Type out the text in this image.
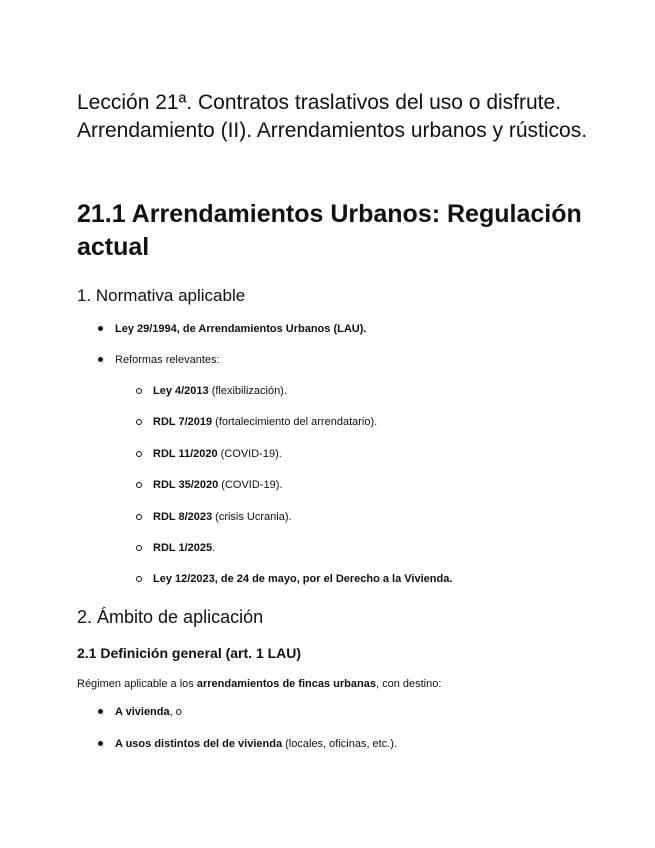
Lección 21ª. Contratos traslativos del uso o disfrute. Arrendamiento (II). Arrendamientos urbanos y rústicos.
21.1 Arrendamientos Urbanos: Regulación actual
1. Normativa aplicable
Ley 29/1994, de Arrendamientos Urbanos (LAU).
Reformas relevantes:
Ley 4/2013 (flexibilización).
RDL 7/2019 (fortalecimiento del arrendatario).
RDL 11/2020 (COVID-19).
RDL 35/2020 (COVID-19).
RDL 8/2023 (crisis Ucrania).
RDL 1/2025.
Ley 12/2023, de 24 de mayo, por el Derecho a la Vivienda.
2. Ámbito de aplicación
2.1 Definición general (art. 1 LAU)

Régimen aplicable a los arrendamientos de fincas urbanas, con destino:

A vivienda, o
A usos distintos del de vivienda (locales, oficinas, etc.).
